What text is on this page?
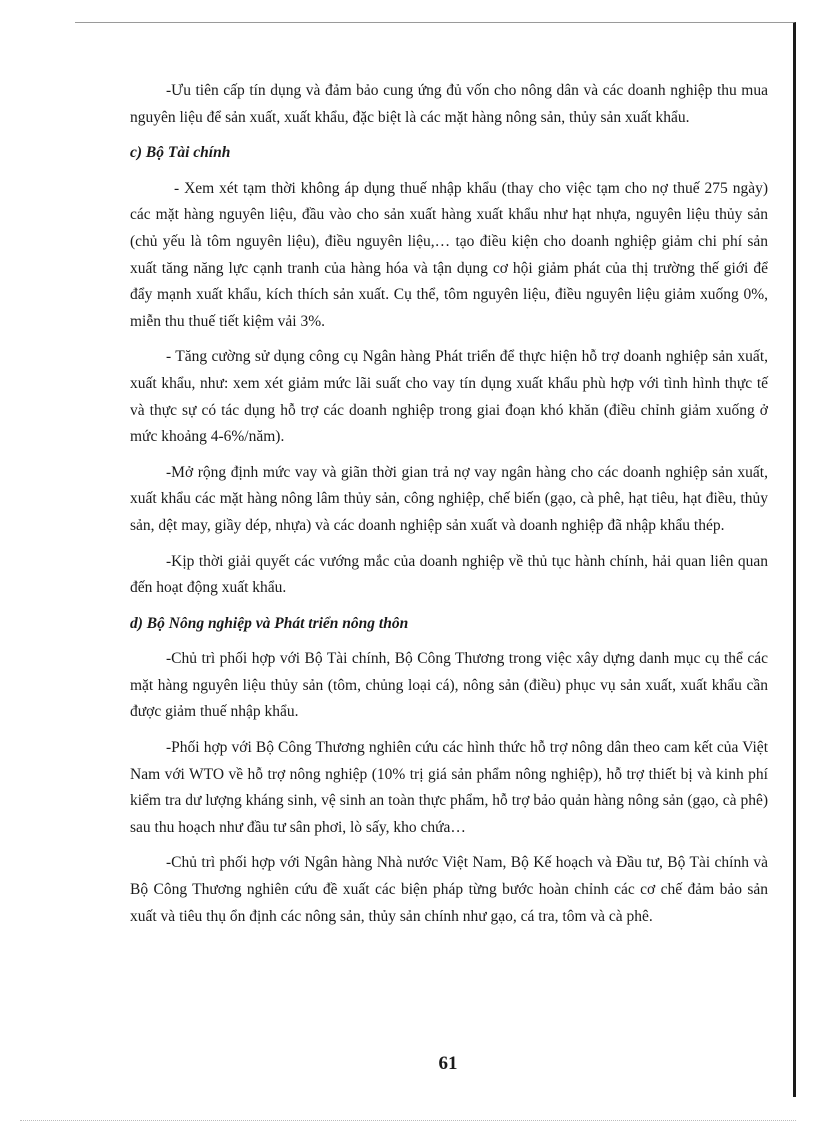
-Ưu tiên cấp tín dụng và đảm bảo cung ứng đủ vốn cho nông dân và các doanh nghiệp thu mua nguyên liệu để sản xuất, xuất khẩu, đặc biệt là các mặt hàng nông sản, thủy sản xuất khẩu.

c) Bộ Tài chính

- Xem xét tạm thời không áp dụng thuế nhập khẩu (thay cho việc tạm cho nợ thuế 275 ngày) các mặt hàng nguyên liệu, đầu vào cho sản xuất hàng xuất khẩu như hạt nhựa, nguyên liệu thủy sản (chủ yếu là tôm nguyên liệu), điều nguyên liệu,… tạo điều kiện cho doanh nghiệp giảm chi phí sản xuất tăng năng lực cạnh tranh của hàng hóa và tận dụng cơ hội giảm phát của thị trường thế giới để đẩy mạnh xuất khẩu, kích thích sản xuất. Cụ thể, tôm nguyên liệu, điều nguyên liệu giảm xuống 0%, miễn thu thuế tiết kiệm vải 3%.

- Tăng cường sử dụng công cụ Ngân hàng Phát triển để thực hiện hỗ trợ doanh nghiệp sản xuất, xuất khẩu, như: xem xét giảm mức lãi suất cho vay tín dụng xuất khẩu phù hợp với tình hình thực tế và thực sự có tác dụng hỗ trợ các doanh nghiệp trong giai đoạn khó khăn (điều chỉnh giảm xuống ở mức khoảng 4-6%/năm).

-Mở rộng định mức vay và giãn thời gian trả nợ vay ngân hàng cho các doanh nghiệp sản xuất, xuất khẩu các mặt hàng nông lâm thủy sản, công nghiệp, chế biến (gạo, cà phê, hạt tiêu, hạt điều, thủy sản, dệt may, giầy dép, nhựa) và các doanh nghiệp sản xuất và doanh nghiệp đã nhập khẩu thép.

-Kịp thời giải quyết các vướng mắc của doanh nghiệp về thủ tục hành chính, hải quan liên quan đến hoạt động xuất khẩu.

d) Bộ Nông nghiệp và Phát triển nông thôn

-Chủ trì phối hợp với Bộ Tài chính, Bộ Công Thương trong việc xây dựng danh mục cụ thể các mặt hàng nguyên liệu thủy sản (tôm, chủng loại cá), nông sản (điều) phục vụ sản xuất, xuất khẩu cần được giảm thuế nhập khẩu.

-Phối hợp với Bộ Công Thương nghiên cứu các hình thức hỗ trợ nông dân theo cam kết của Việt Nam với WTO về hỗ trợ nông nghiệp (10% trị giá sản phẩm nông nghiệp), hỗ trợ thiết bị và kinh phí kiểm tra dư lượng kháng sinh, vệ sinh an toàn thực phẩm, hỗ trợ bảo quản hàng nông sản (gạo, cà phê) sau thu hoạch như đầu tư sân phơi, lò sấy, kho chứa…

-Chủ trì phối hợp với Ngân hàng Nhà nước Việt Nam, Bộ Kế hoạch và Đầu tư, Bộ Tài chính và Bộ Công Thương nghiên cứu đề xuất các biện pháp từng bước hoàn chỉnh các cơ chế đảm bảo sản xuất và tiêu thụ ổn định các nông sản, thủy sản chính như gạo, cá tra, tôm và cà phê.

61
